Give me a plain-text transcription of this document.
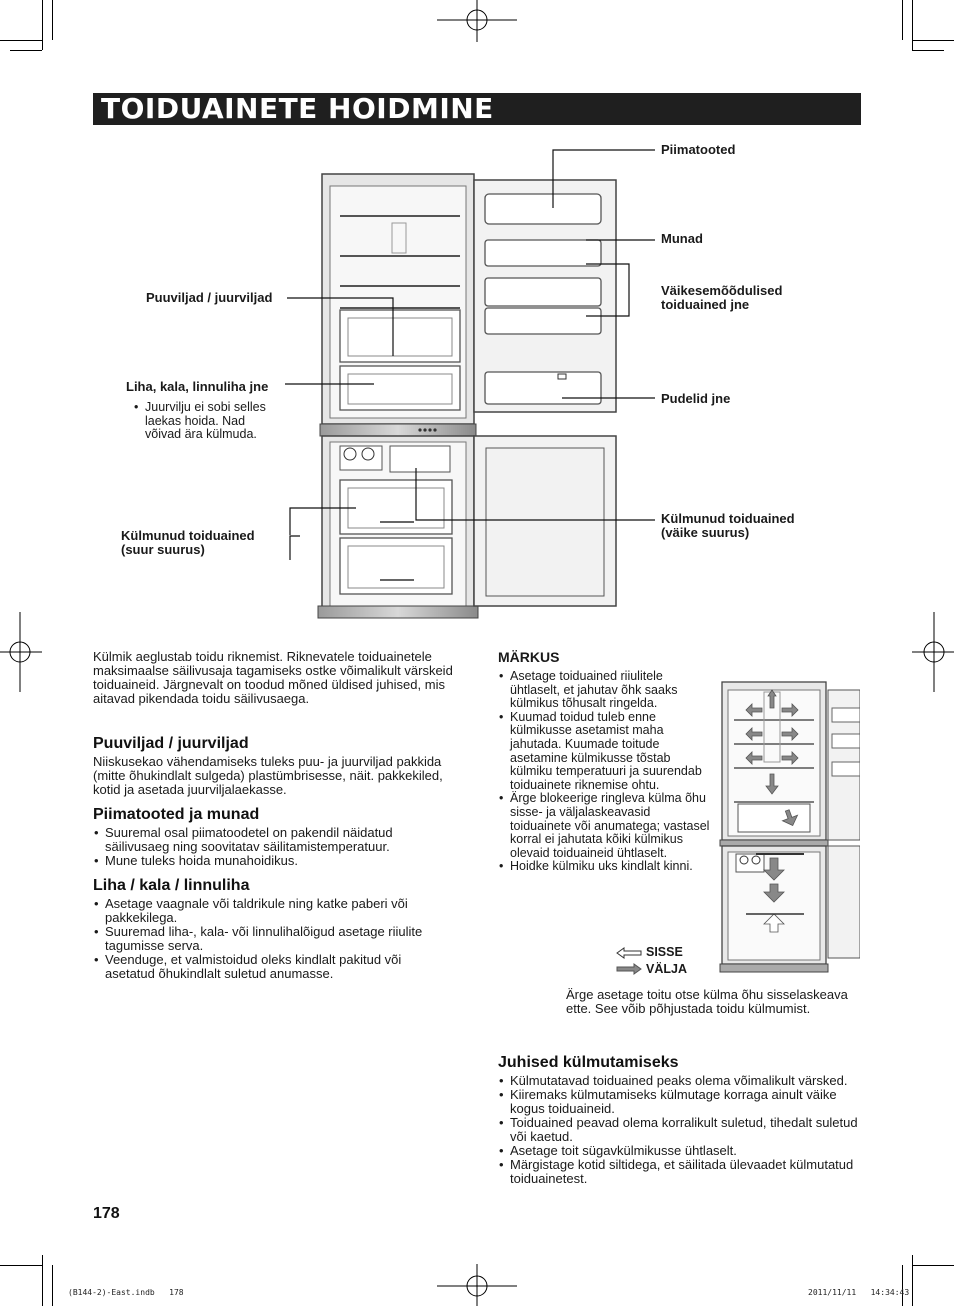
TOIDUAINETE HOIDMINE
Piimatooted
Munad
Väikesemõõdulised
toiduained jne
Pudelid jne
Puuviljad / juurviljad
Liha, kala, linnuliha jne
• Juurvilju ei sobi selles
laekas hoida. Nad
võivad ära külmuda.
Külmunud toiduained
(suur suurus)
Külmunud toiduained
(väike suurus)
Külmik aeglustab toidu riknemist. Riknevatele toiduainetele maksimaalse säilivusaja tagamiseks ostke võimalikult värskeid toiduaineid. Järgnevalt on toodud mõned üldised juhised, mis aitavad pikendada toidu säilivusaega.
Puuviljad / juurviljad
Niiskusekao vähendamiseks tuleks puu- ja juurviljad pakkida (mitte õhukindlalt sulgeda) plastümbrisesse, näit. pakkekiled, kotid ja asetada juurviljalaekasse.
Piimatooted ja munad
• Suuremal osal piimatoodetel on pakendil näidatud säilivusaeg ning soovitatav säilitamistemperatuur.
• Mune tuleks hoida munahoidikus.
Liha / kala / linnuliha
• Asetage vaagnale või taldrikule ning katke paberi või pakkekilega.
• Suuremad liha-, kala- või linnulihalõigud asetage riiulite tagumisse serva.
• Veenduge, et valmistoidud oleks kindlalt pakitud või asetatud õhukindlalt suletud anumasse.
MÄRKUS
• Asetage toiduained riiulitele ühtlaselt, et jahutav õhk saaks külmikus tõhusalt ringelda.
• Kuumad toidud tuleb enne külmikusse asetamist maha jahutada. Kuumade toitude asetamine külmikusse tõstab külmiku temperatuuri ja suurendab toiduainete riknemise ohtu.
• Ärge blokeerige ringleva külma õhu sisse- ja väljalaskeavasid toiduainete või anumatega; vastasel korral ei jahutata kõiki külmikus olevaid toiduaineid ühtlaselt.
• Hoidke külmiku uks kindlalt kinni.
SISSE
VÄLJA
Ärge asetage toitu otse külma õhu sisselaskeava ette. See võib põhjustada toidu külmumist.
Juhised külmutamiseks
• Külmutatavad toiduained peaks olema võimalikult värsked.
• Kiiremaks külmutamiseks külmutage korraga ainult väike kogus toiduaineid.
• Toiduained peavad olema korralikult suletud, tihedalt suletud või kaetud.
• Asetage toit sügavkülmikusse ühtlaselt.
• Märgistage kotid siltidega, et säilitada ülevaadet külmutatud toiduainetest.
178
(B144-2)-East.indb   178	2011/11/11   14:34:43
